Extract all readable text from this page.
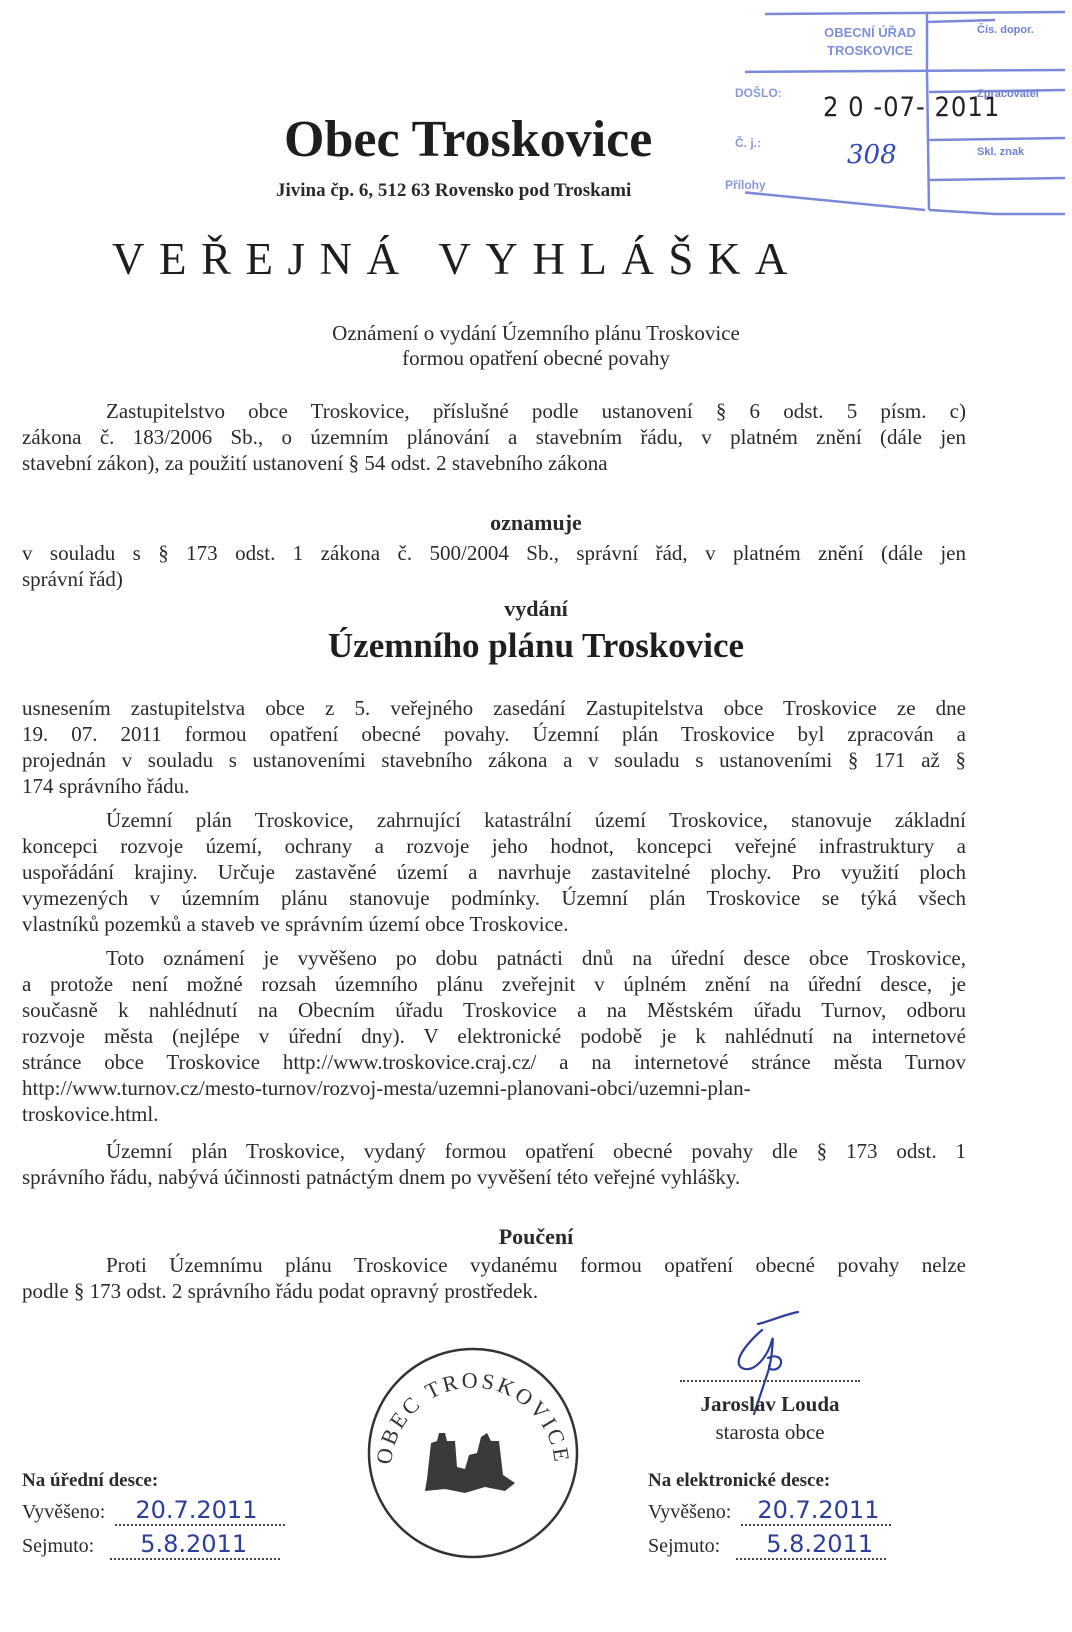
Obec Troskovice
Jivina čp. 6, 512 63 Rovensko pod Troskami
VEŘEJNÁ VYHLÁŠKA
OBECNÍ ÚŘAD
TROSKOVICE
DOŠLO: 2 0 -07- 2011
Č. j.:	308
Přílohy
Čís. dopor.
Zpracovatel
Skl. znak
Oznámení o vydání Územního plánu Troskovice
formou opatření obecné povahy
Zastupitelstvo obce Troskovice, příslušné podle ustanovení § 6 odst. 5 písm. c)
zákona č. 183/2006 Sb., o územním plánování a stavebním řádu, v platném znění (dále jen
stavební zákon), za použití ustanovení § 54 odst. 2 stavebního zákona
oznamuje
v souladu s § 173 odst. 1 zákona č. 500/2004 Sb., správní řád, v platném znění (dále jen
správní řád)
vydání
Územního plánu Troskovice
usnesením zastupitelstva obce z 5. veřejného zasedání Zastupitelstva obce Troskovice ze dne
19. 07. 2011 formou opatření obecné povahy. Územní plán Troskovice byl zpracován a
projednán v souladu s ustanoveními stavebního zákona a v souladu s ustanoveními § 171 až §
174 správního řádu.
Územní plán Troskovice, zahrnující katastrální území Troskovice, stanovuje základní
koncepci rozvoje území, ochrany a rozvoje jeho hodnot, koncepci veřejné infrastruktury a
uspořádání krajiny. Určuje zastavěné území a navrhuje zastavitelné plochy. Pro využití ploch
vymezených v územním plánu stanovuje podmínky. Územní plán Troskovice se týká všech
vlastníků pozemků a staveb ve správním území obce Troskovice.
Toto oznámení je vyvěšeno po dobu patnácti dnů na úřední desce obce Troskovice,
a protože není možné rozsah územního plánu zveřejnit v úplném znění na úřední desce, je
současně k nahlédnutí na Obecním úřadu Troskovice a na Městském úřadu Turnov, odboru
rozvoje města (nejlépe v úřední dny). V elektronické podobě je k nahlédnutí na internetové
stránce obce Troskovice http://www.troskovice.craj.cz/ a na internetové stránce města Turnov
http://www.turnov.cz/mesto-turnov/rozvoj-mesta/uzemni-planovani-obci/uzemni-plan-
troskovice.html.
Územní plán Troskovice, vydaný formou opatření obecné povahy dle § 173 odst. 1
správního řádu, nabývá účinnosti patnáctým dnem po vyvěšení této veřejné vyhlášky.
Poučení
Proti Územnímu plánu Troskovice vydanému formou opatření obecné povahy nelze
podle § 173 odst. 2 správního řádu podat opravný prostředek.
OBEC TROSKOVICE
Jaroslav Louda
starosta obce
Na úřední desce:
Vyvěšeno: 20.7.2011
Sejmuto: 5.8.2011
Na elektronické desce:
Vyvěšeno: 20.7.2011
Sejmuto: 5.8.2011
